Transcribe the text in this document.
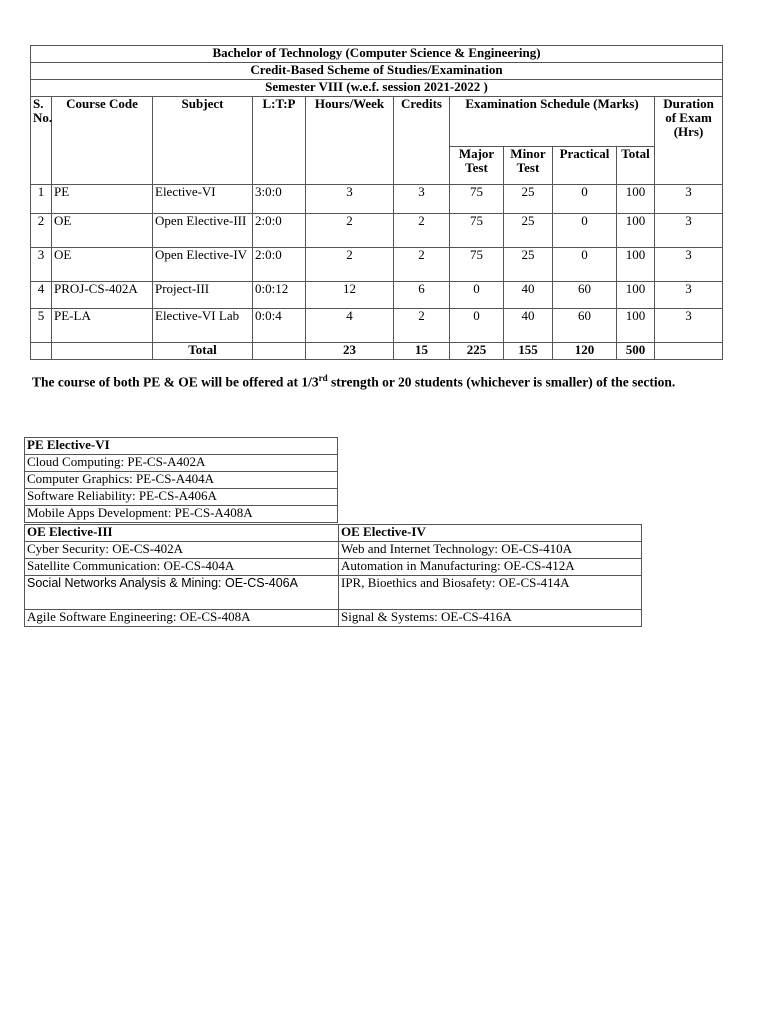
Bachelor of Technology (Computer Science & Engineering)										
Credit-Based Scheme of Studies/Examination										
Semester VIII (w.e.f. session 2021-2022 )										
S. No.	Course Code	Subject	L:T:P	Hours/Week	Credits	Examination Schedule (Marks)				Duration of Exam (Hrs)
						Major Test	Minor Test	Practical	Total	
1	PE	Elective-VI	3:0:0	3	3	75	25	0	100	3
2	OE	Open Elective-III	2:0:0	2	2	75	25	0	100	3
3	OE	Open Elective-IV	2:0:0	2	2	75	25	0	100	3
4	PROJ-CS-402A	Project-III	0:0:12	12	6	0	40	60	100	3
5	PE-LA	Elective-VI Lab	0:0:4	4	2	0	40	60	100	3
		Total		23	15	225	155	120	500	
The course of both PE & OE will be offered at 1/3rd strength or 20 students (whichever is smaller) of the section.
PE Elective-VI
Cloud Computing: PE-CS-A402A
Computer Graphics: PE-CS-A404A
Software Reliability: PE-CS-A406A
Mobile Apps Development: PE-CS-A408A
OE Elective-III	OE Elective-IV
Cyber Security: OE-CS-402A	Web and Internet Technology: OE-CS-410A
Satellite Communication: OE-CS-404A	Automation in Manufacturing: OE-CS-412A
Social Networks Analysis & Mining: OE-CS-406A	IPR, Bioethics and Biosafety: OE-CS-414A
Agile Software Engineering: OE-CS-408A	Signal & Systems: OE-CS-416A
